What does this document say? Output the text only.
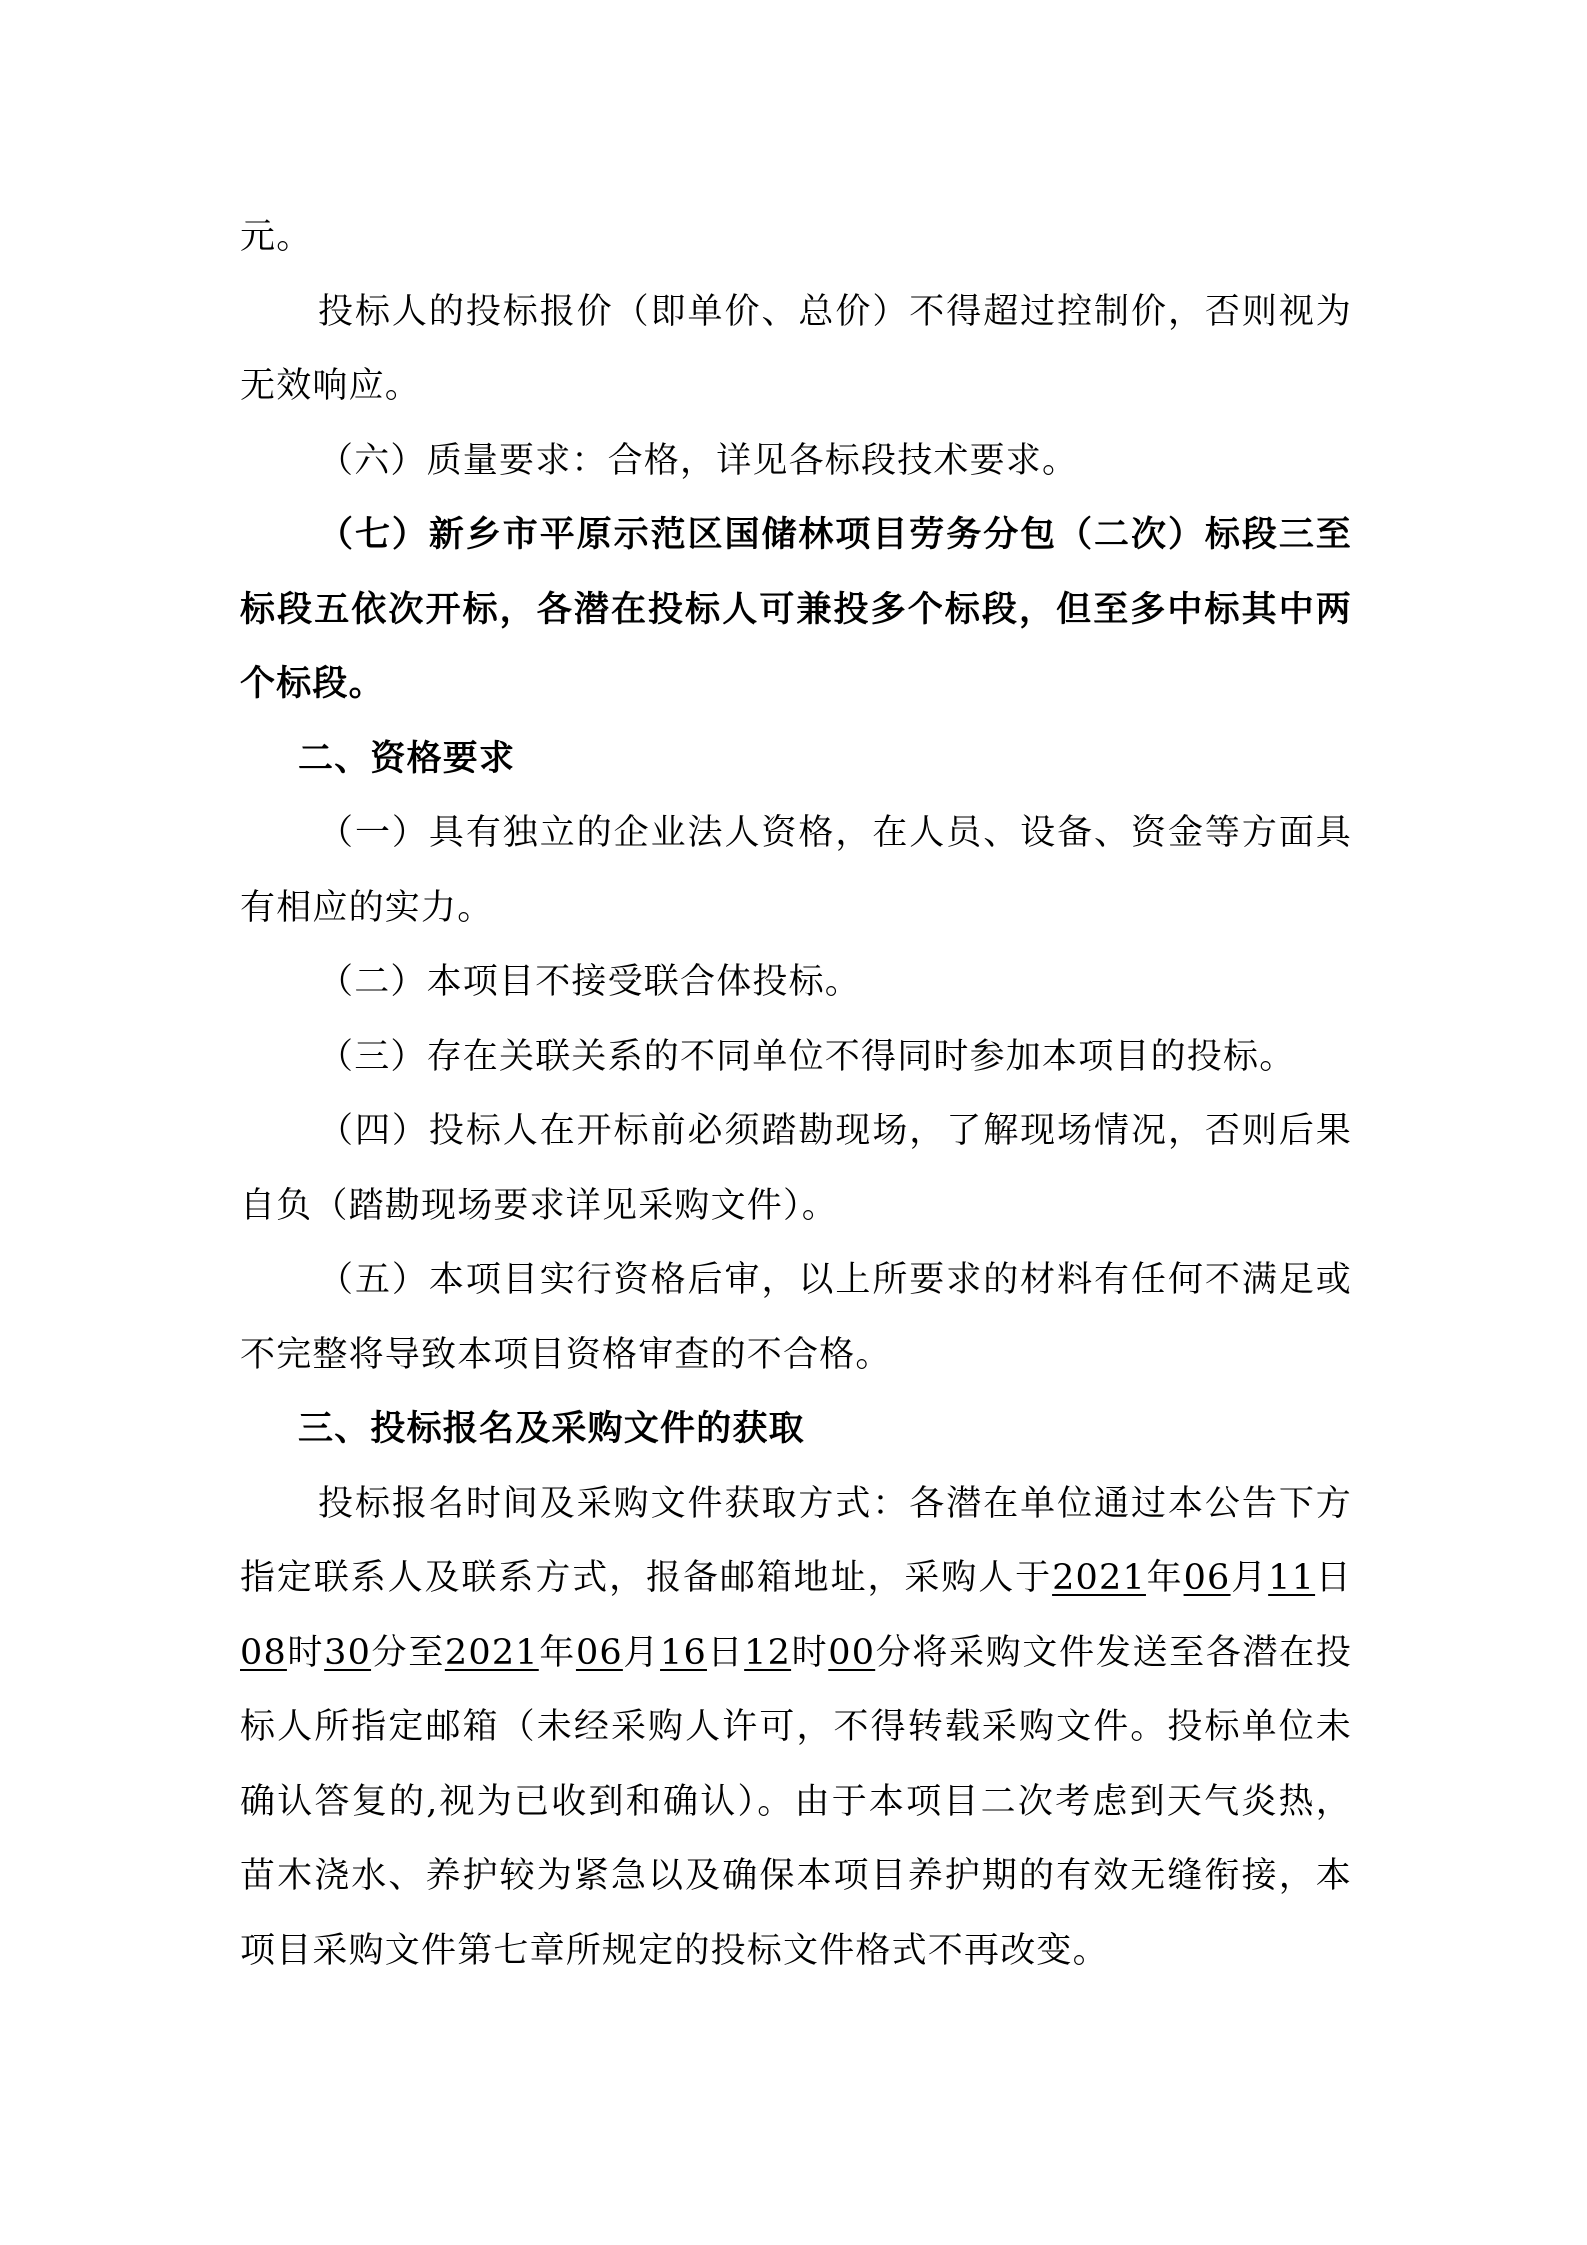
元。

投标人的投标报价（即单价、总价）不得超过控制价，否则视为无效响应。

（六）质量要求：合格，详见各标段技术要求。

（七）新乡市平原示范区国储林项目劳务分包（二次）标段三至标段五依次开标，各潜在投标人可兼投多个标段，但至多中标其中两个标段。

二、资格要求

（一）具有独立的企业法人资格，在人员、设备、资金等方面具有相应的实力。

（二）本项目不接受联合体投标。

（三）存在关联关系的不同单位不得同时参加本项目的投标。

（四）投标人在开标前必须踏勘现场，了解现场情况，否则后果自负（踏勘现场要求详见采购文件）。

（五）本项目实行资格后审，以上所要求的材料有任何不满足或不完整将导致本项目资格审查的不合格。

三、投标报名及采购文件的获取

投标报名时间及采购文件获取方式：各潜在单位通过本公告下方指定联系人及联系方式，报备邮箱地址，采购人于2021年06月11日08时30分至2021年06月16日12时00分将采购文件发送至各潜在投标人所指定邮箱（未经采购人许可，不得转载采购文件。投标单位未确认答复的,视为已收到和确认）。由于本项目二次考虑到天气炎热，苗木浇水、养护较为紧急以及确保本项目养护期的有效无缝衔接，本项目采购文件第七章所规定的投标文件格式不再改变。
